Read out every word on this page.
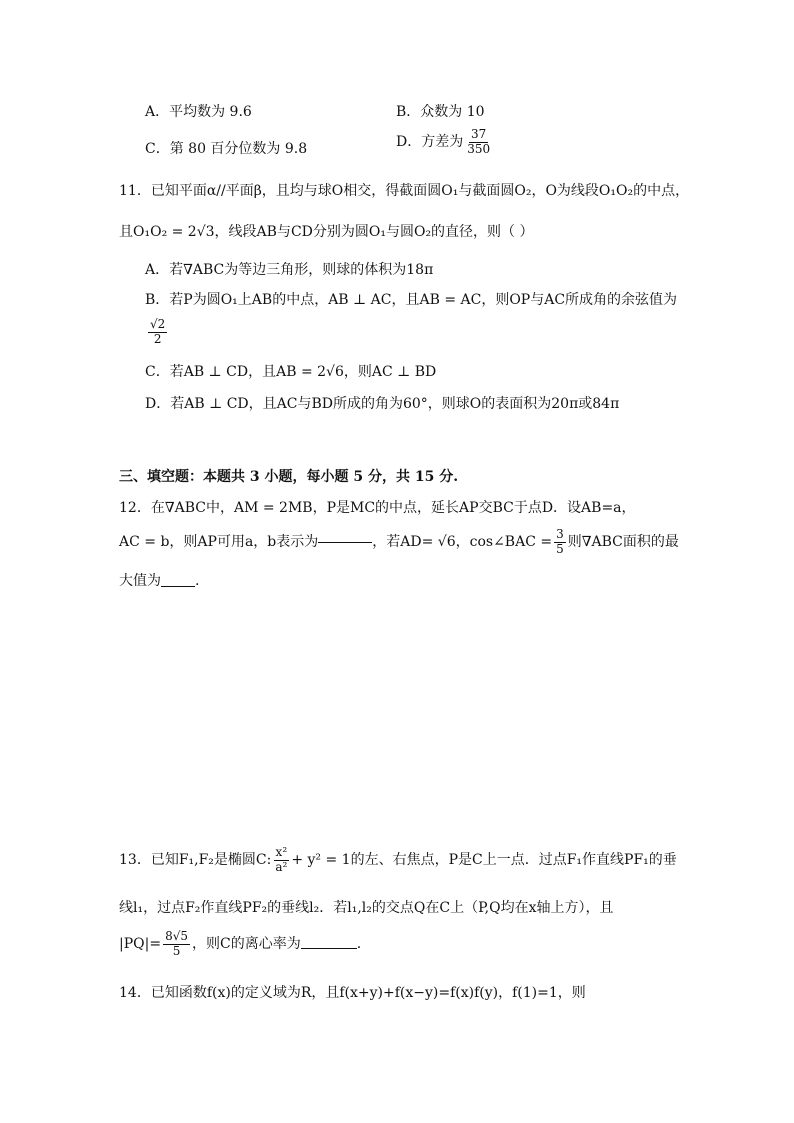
A．平均数为 9.6	B．众数为 10
C．第 80 百分位数为 9.8	D．方差为 $\frac{37}{350}$
11．已知平面α//平面β，且均与球O相交，得截面圆O₁与截面圆O₂，O为线段O₁O₂的中点，
且O₁O₂ = 2√3，线段AB与CD分别为圆O₁与圆O₂的直径，则（ ）
A．若∇ABC为等边三角形，则球的体积为18π
B．若P为圆O₁上AB的中点，AB ⊥ AC，且AB = AC，则OP与AC所成角的余弦值为
$\frac{√2}{2}$
C．若AB ⊥ CD，且AB = 2√6，则AC ⊥ BD
D．若AB ⊥ CD，且AC与BD所成的角为60°，则球O的表面积为20π或84π
三、填空题：本题共 3 小题，每小题 5 分，共 15 分.
12．在∇ABC中，AM = 2MB，P是MC的中点，延长AP交BC于点D．设AB=a，
AC = b，则AP可用a，b表示为	，若AD= √6，cos∠BAC = $\frac{3}{5}$ 则∇ABC面积的最
大值为 .
13．已知F₁,F₂是椭圆C: $\frac{\text{x²}}{\text{a²}} + y^2 = 1$的左、右焦点，P是C上一点．过点F₁作直线PF₁的垂
线l₁，过点F₂作直线PF₂的垂线l₂．若l₁,l₂的交点Q在C上（P,Q均在x轴上方），且
$|PQ|= \frac{8√5}{5}$ ，则C的离心率为	.
14．已知函数f(x)的定义域为R，且f(x+y)+f(x−y)=f(x)f(y)，f(1)=1，则
